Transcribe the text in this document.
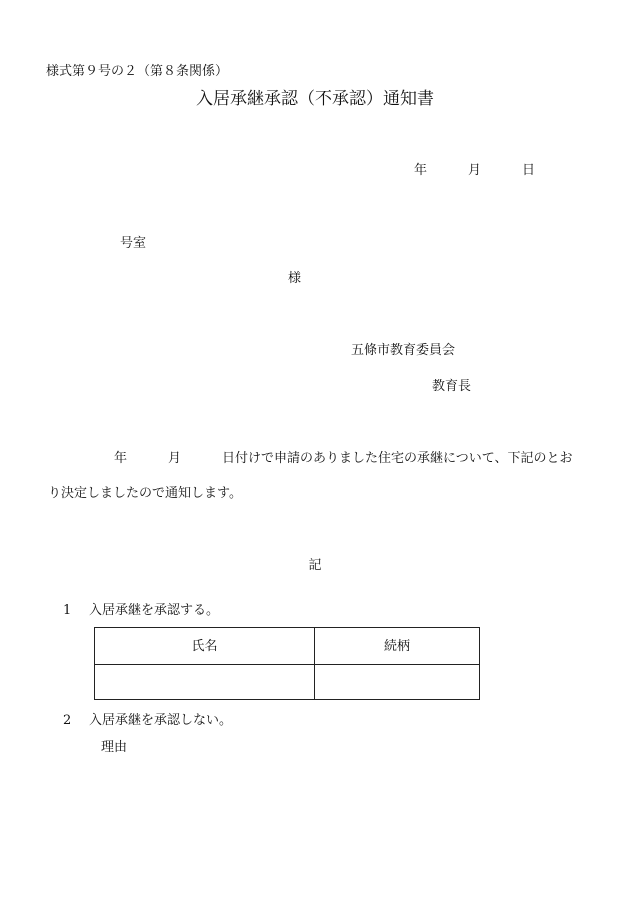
様式第９号の２（第８条関係）
入居承継承認（不承認）通知書
年	月	日
号室
様
五條市教育委員会
教育長
年	月	日付けで申請のありました住宅の承継について、下記のとお
り決定しましたので通知します。
記
1 入居承継を承認する。
氏名	続柄
2 入居承継を承認しない。
理由
